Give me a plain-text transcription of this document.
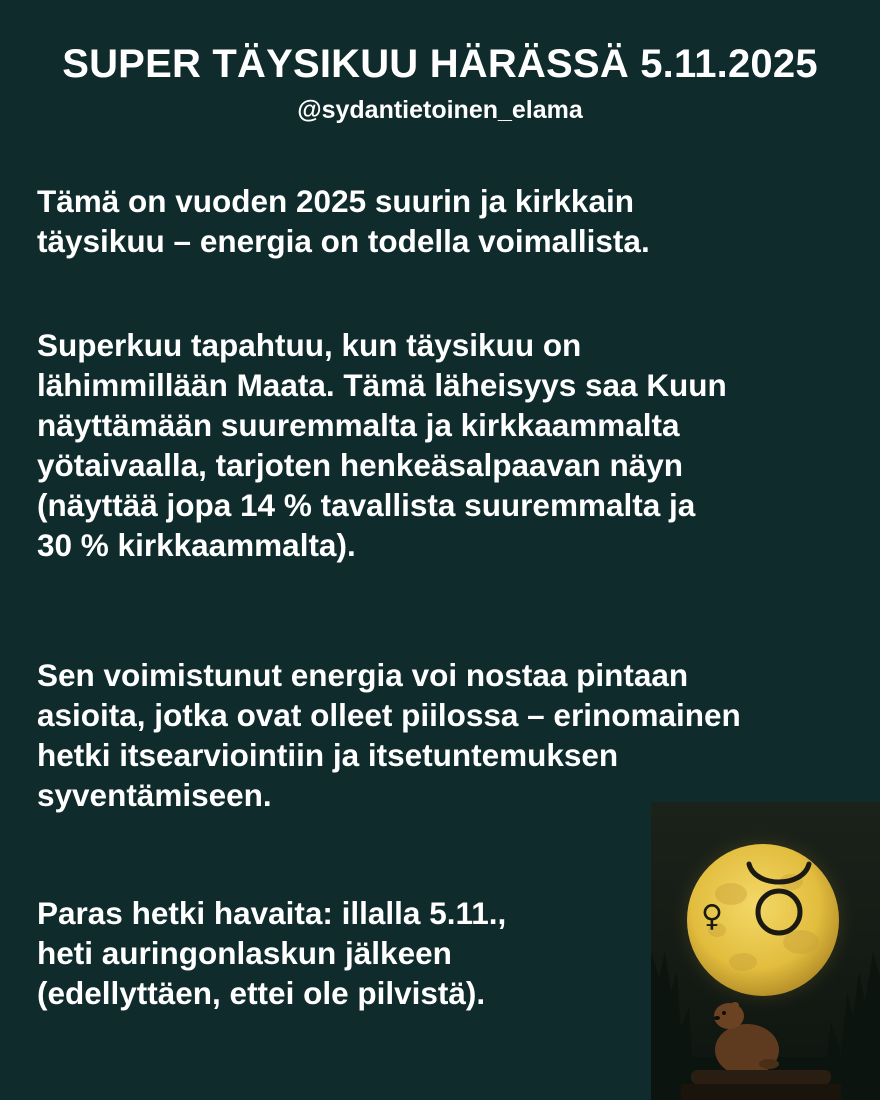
SUPER TÄYSIKUU HÄRÄSSÄ 5.11.2025
@sydantietoinen_elama

Tämä on vuoden 2025 suurin ja kirkkain
täysikuu – energia on todella voimallista.

Superkuu tapahtuu, kun täysikuu on
lähimmillään Maata. Tämä läheisyys saa Kuun
näyttämään suuremmalta ja kirkkaammalta
yötaivaalla, tarjoten henkeäsalpaavan näyn
(näyttää jopa 14 % tavallista suuremmalta ja
30 % kirkkaammalta).

Sen voimistunut energia voi nostaa pintaan
asioita, jotka ovat olleet piilossa – erinomainen
hetki itsearviointiin ja itsetuntemuksen
syventämiseen.

Paras hetki havaita: illalla 5.11.,
heti auringonlaskun jälkeen
(edellyttäen, ettei ole pilvistä).

♀
